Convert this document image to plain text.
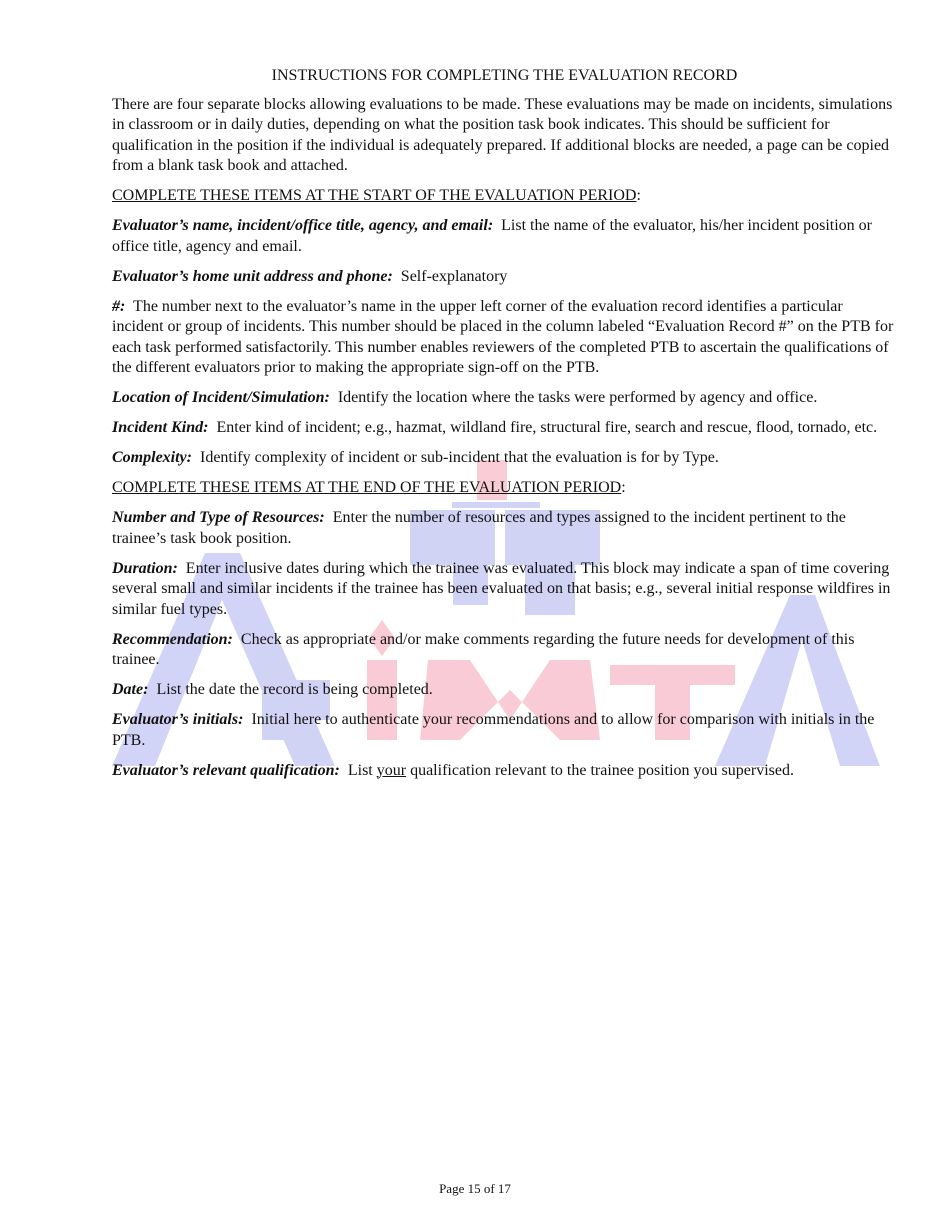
INSTRUCTIONS FOR COMPLETING THE EVALUATION RECORD

There are four separate blocks allowing evaluations to be made. These evaluations may be made on incidents, simulations in classroom or in daily duties, depending on what the position task book indicates. This should be sufficient for qualification in the position if the individual is adequately prepared. If additional blocks are needed, a page can be copied from a blank task book and attached.

COMPLETE THESE ITEMS AT THE START OF THE EVALUATION PERIOD:

Evaluator’s name, incident/office title, agency, and email: List the name of the evaluator, his/her incident position or office title, agency and email.

Evaluator’s home unit address and phone: Self-explanatory

#: The number next to the evaluator’s name in the upper left corner of the evaluation record identifies a particular incident or group of incidents. This number should be placed in the column labeled “Evaluation Record #” on the PTB for each task performed satisfactorily. This number enables reviewers of the completed PTB to ascertain the qualifications of the different evaluators prior to making the appropriate sign-off on the PTB.

Location of Incident/Simulation: Identify the location where the tasks were performed by agency and office.

Incident Kind: Enter kind of incident; e.g., hazmat, wildland fire, structural fire, search and rescue, flood, tornado, etc.

Complexity: Identify complexity of incident or sub-incident that the evaluation is for by Type.

COMPLETE THESE ITEMS AT THE END OF THE EVALUATION PERIOD:

Number and Type of Resources: Enter the number of resources and types assigned to the incident pertinent to the trainee’s task book position.

Duration: Enter inclusive dates during which the trainee was evaluated. This block may indicate a span of time covering several small and similar incidents if the trainee has been evaluated on that basis; e.g., several initial response wildfires in similar fuel types.

Recommendation: Check as appropriate and/or make comments regarding the future needs for development of this trainee.

Date: List the date the record is being completed.

Evaluator’s initials: Initial here to authenticate your recommendations and to allow for comparison with initials in the PTB.

Evaluator’s relevant qualification: List your qualification relevant to the trainee position you supervised.

Page 15 of 17
